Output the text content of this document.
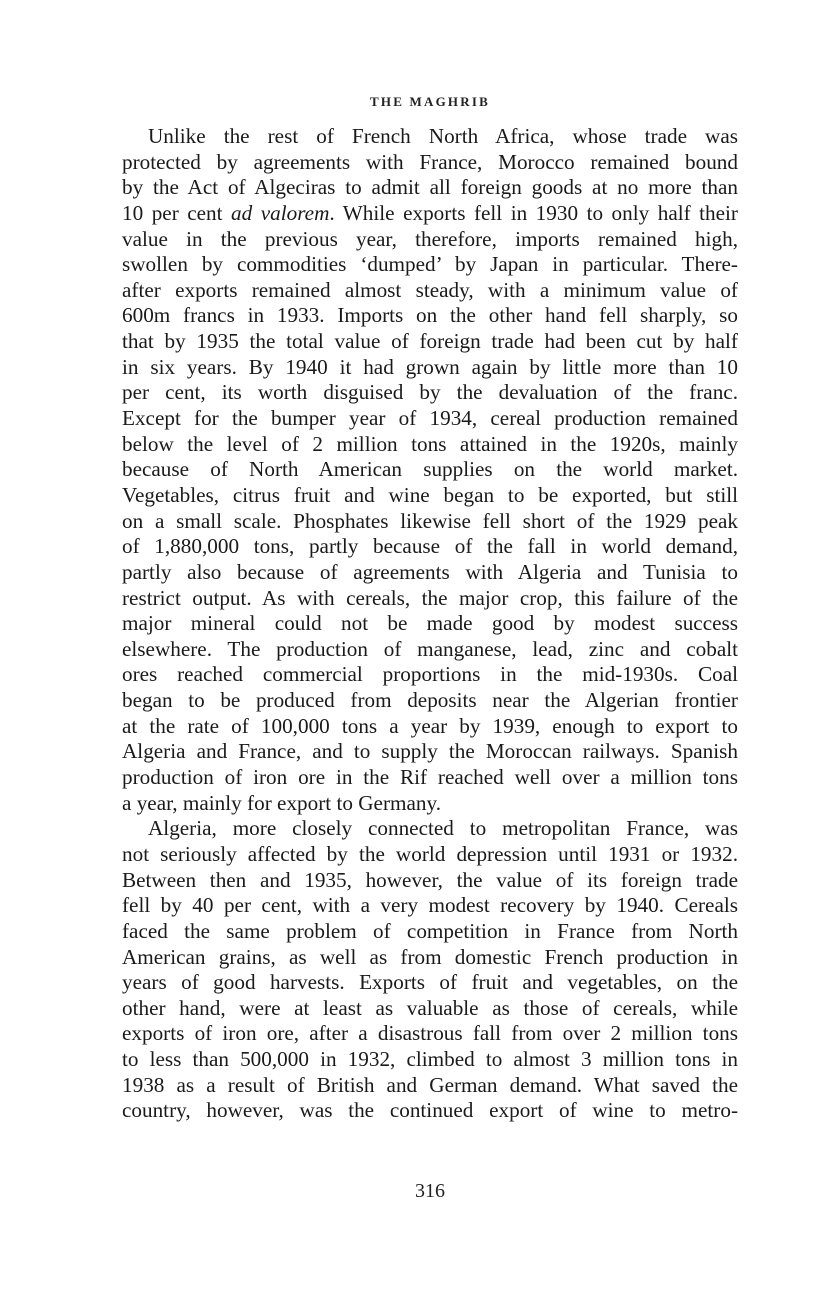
THE MAGHRIB
Unlike the rest of French North Africa, whose trade was
protected by agreements with France, Morocco remained bound
by the Act of Algeciras to admit all foreign goods at no more than
10 per cent ad valorem. While exports fell in 1930 to only half their
value in the previous year, therefore, imports remained high,
swollen by commodities ‘dumped’ by Japan in particular. There-
after exports remained almost steady, with a minimum value of
600m francs in 1933. Imports on the other hand fell sharply, so
that by 1935 the total value of foreign trade had been cut by half
in six years. By 1940 it had grown again by little more than 10
per cent, its worth disguised by the devaluation of the franc.
Except for the bumper year of 1934, cereal production remained
below the level of 2 million tons attained in the 1920s, mainly
because of North American supplies on the world market.
Vegetables, citrus fruit and wine began to be exported, but still
on a small scale. Phosphates likewise fell short of the 1929 peak
of 1,880,000 tons, partly because of the fall in world demand,
partly also because of agreements with Algeria and Tunisia to
restrict output. As with cereals, the major crop, this failure of the
major mineral could not be made good by modest success
elsewhere. The production of manganese, lead, zinc and cobalt
ores reached commercial proportions in the mid-1930s. Coal
began to be produced from deposits near the Algerian frontier
at the rate of 100,000 tons a year by 1939, enough to export to
Algeria and France, and to supply the Moroccan railways. Spanish
production of iron ore in the Rif reached well over a million tons
a year, mainly for export to Germany.
Algeria, more closely connected to metropolitan France, was
not seriously affected by the world depression until 1931 or 1932.
Between then and 1935, however, the value of its foreign trade
fell by 40 per cent, with a very modest recovery by 1940. Cereals
faced the same problem of competition in France from North
American grains, as well as from domestic French production in
years of good harvests. Exports of fruit and vegetables, on the
other hand, were at least as valuable as those of cereals, while
exports of iron ore, after a disastrous fall from over 2 million tons
to less than 500,000 in 1932, climbed to almost 3 million tons in
1938 as a result of British and German demand. What saved the
country, however, was the continued export of wine to metro-
316
